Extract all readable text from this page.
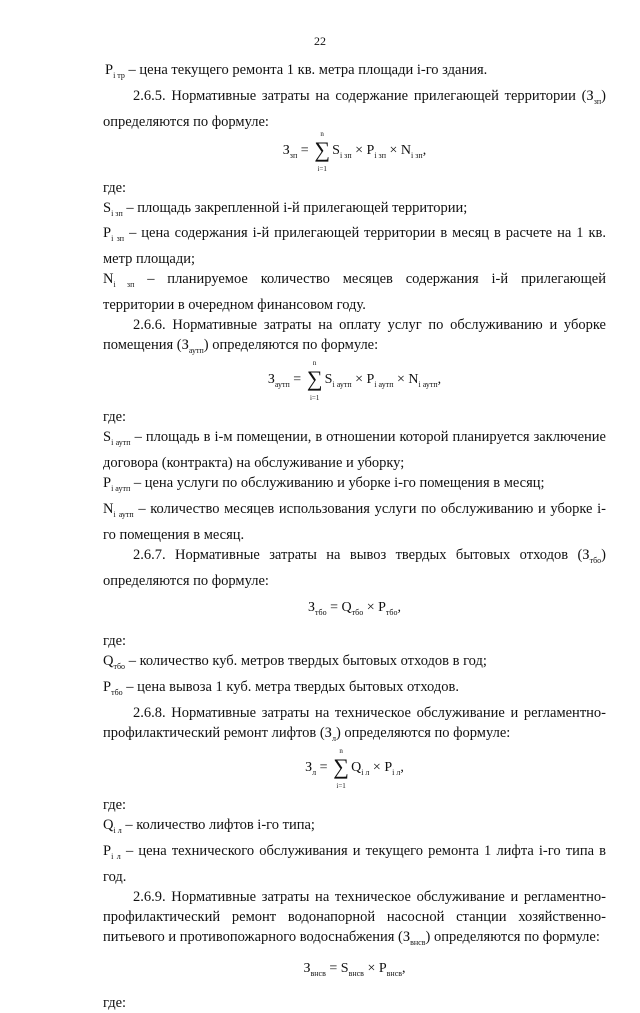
22

$P_{i тр}$ – цена текущего ремонта 1 кв. метра площади i-го здания.

2.6.5. Нормативные затраты на содержание прилегающей территории $(З_{зп})$ определяются по формуле:

$З_{зп}$ =
n
∑
i=1
$S_{i зп} \times P_{i зп} \times N_{i зп}$,

где:

$S_{i зп}$ – площадь закрепленной i-й прилегающей территории;

$P_{i зп}$ – цена содержания i-й прилегающей территории в месяц в расчете на 1 кв. метр площади;

$N_{i зп}$ – планируемое количество месяцев содержания i-й прилегающей территории в очередном финансовом году.

2.6.6. Нормативные затраты на оплату услуг по обслуживанию и уборке помещения $(З_{аутп})$ определяются по формуле:

$З_{аутп}$ =
n
∑
i=1
$S_{i аутп} \times P_{i аутп} \times N_{i аутп}$,

где:

$S_{i аутп}$ – площадь в i-м помещении, в отношении которой планируется заключение договора (контракта) на обслуживание и уборку;

$P_{i аутп}$ – цена услуги по обслуживанию и уборке i-го помещения в месяц;

$N_{i аутп}$ – количество месяцев использования услуги по обслуживанию и уборке i-го помещения в месяц.

2.6.7. Нормативные затраты на вывоз твердых бытовых отходов $(З_{тбо})$ определяются по формуле:

$З_{тбо} = Q_{тбо} \times P_{тбо}$,

где:

$Q_{тбо}$ – количество куб. метров твердых бытовых отходов в год;

$P_{тбо}$ – цена вывоза 1 куб. метра твердых бытовых отходов.

2.6.8. Нормативные затраты на техническое обслуживание и регламентно-профилактический ремонт лифтов $(З_л)$ определяются по формуле:

$З_л$ =
n
∑
i=1
$Q_{i л} \times P_{i л}$,

где:

$Q_{i л}$ – количество лифтов i-го типа;

$P_{i л}$ – цена технического обслуживания и текущего ремонта 1 лифта i-го типа в год.

2.6.9. Нормативные затраты на техническое обслуживание и регламентно-профилактический ремонт водонапорной насосной станции хозяйственно-питьевого и противопожарного водоснабжения $(З_{внсв})$ определяются по формуле:

$З_{внсв} = S_{внсв} \times P_{внсв}$,

где:
